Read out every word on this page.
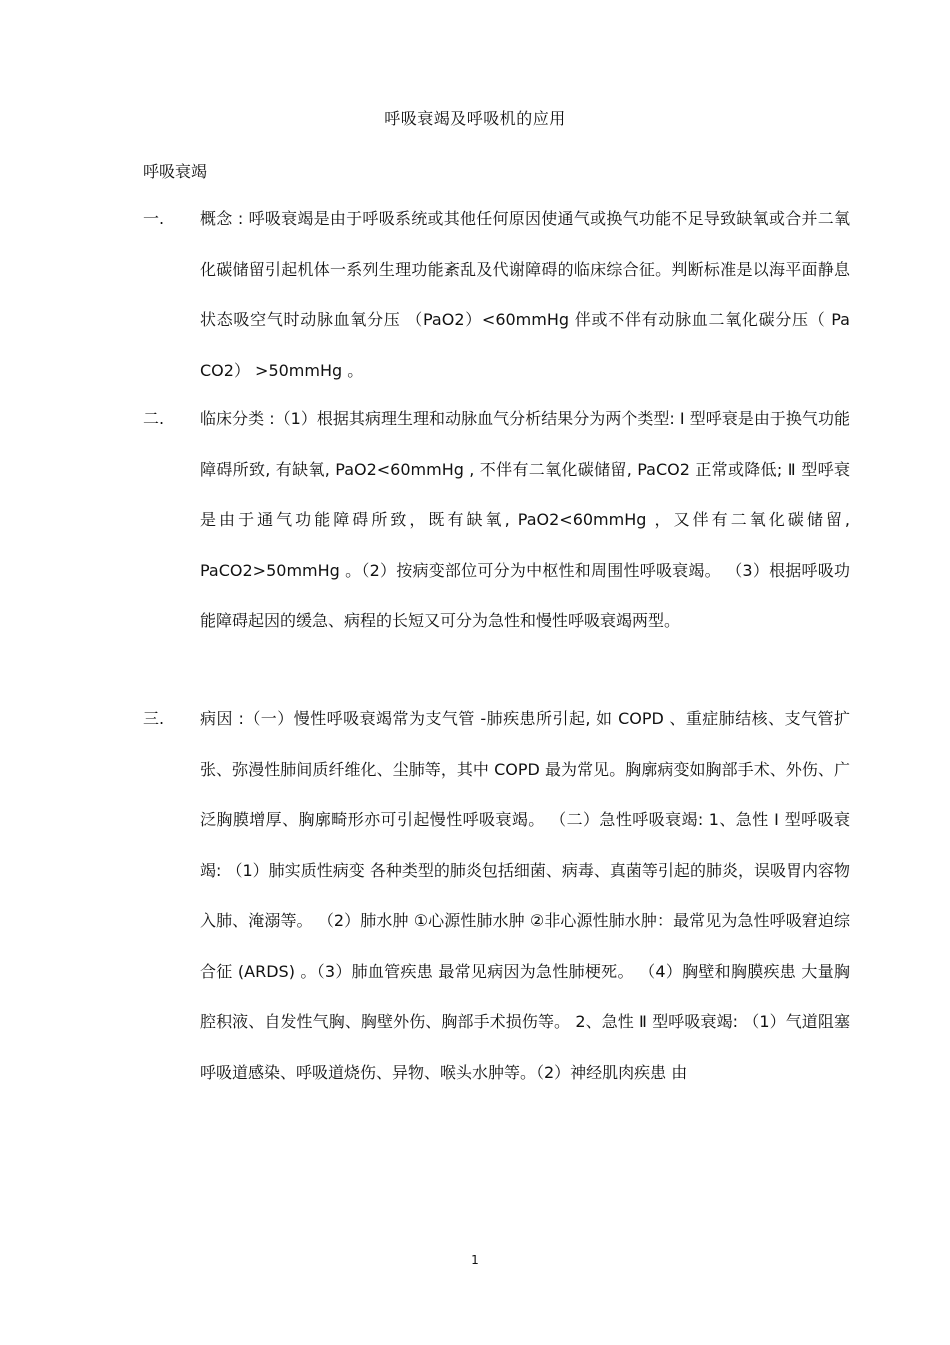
呼吸衰竭及呼吸机的应用
呼吸衰竭
一. 概念 : 呼吸衰竭是由于呼吸系统或其他任何原因使通气或换气功能不足导致缺氧或合并二氧化碳储留引起机体一系列生理功能紊乱及代谢障碍的临床综合征。判断标准是以海平面静息状态吸空气时动脉血氧分压 （PaO2）<60mmHg 伴或不伴有动脉血二氧化碳分压（ Pa CO2） >50mmHg 。

二. 临床分类 :（1）根据其病理生理和动脉血气分析结果分为两个类型: Ⅰ 型呼衰是由于换气功能障碍所致, 有缺氧, PaO2<60mmHg , 不伴有二氧化碳储留, PaCO2 正常或降低; Ⅱ 型呼衰是由于通气功能障碍所致，既有缺氧, PaO2<60mmHg ，又伴有二氧化碳储留, PaCO2>50mmHg 。（2）按病变部位可分为中枢性和周围性呼吸衰竭。 （3）根据呼吸功能障碍起因的缓急、病程的长短又可分为急性和慢性呼吸衰竭两型。

三. 病因 :（一）慢性呼吸衰竭常为支气管 -肺疾患所引起, 如 COPD 、重症肺结核、支气管扩张、弥漫性肺间质纤维化、尘肺等，其中 COPD 最为常见。胸廓病变如胸部手术、外伤、广泛胸膜增厚、胸廓畸形亦可引起慢性呼吸衰竭。 （二）急性呼吸衰竭: 1、急性 Ⅰ 型呼吸衰竭: （1）肺实质性病变 各种类型的肺炎包括细菌、病毒、真菌等引起的肺炎，误吸胃内容物入肺、淹溺等。 （2）肺水肿 ①心源性肺水肿 ②非心源性肺水肿：最常见为急性呼吸窘迫综合征 (ARDS) 。（3）肺血管疾患 最常见病因为急性肺梗死。 （4）胸壁和胸膜疾患 大量胸腔积液、自发性气胸、胸壁外伤、胸部手术损伤等。 2、急性 Ⅱ 型呼吸衰竭: （1）气道阻塞 呼吸道感染、呼吸道烧伤、异物、喉头水肿等。（2）神经肌肉疾患 由

1
